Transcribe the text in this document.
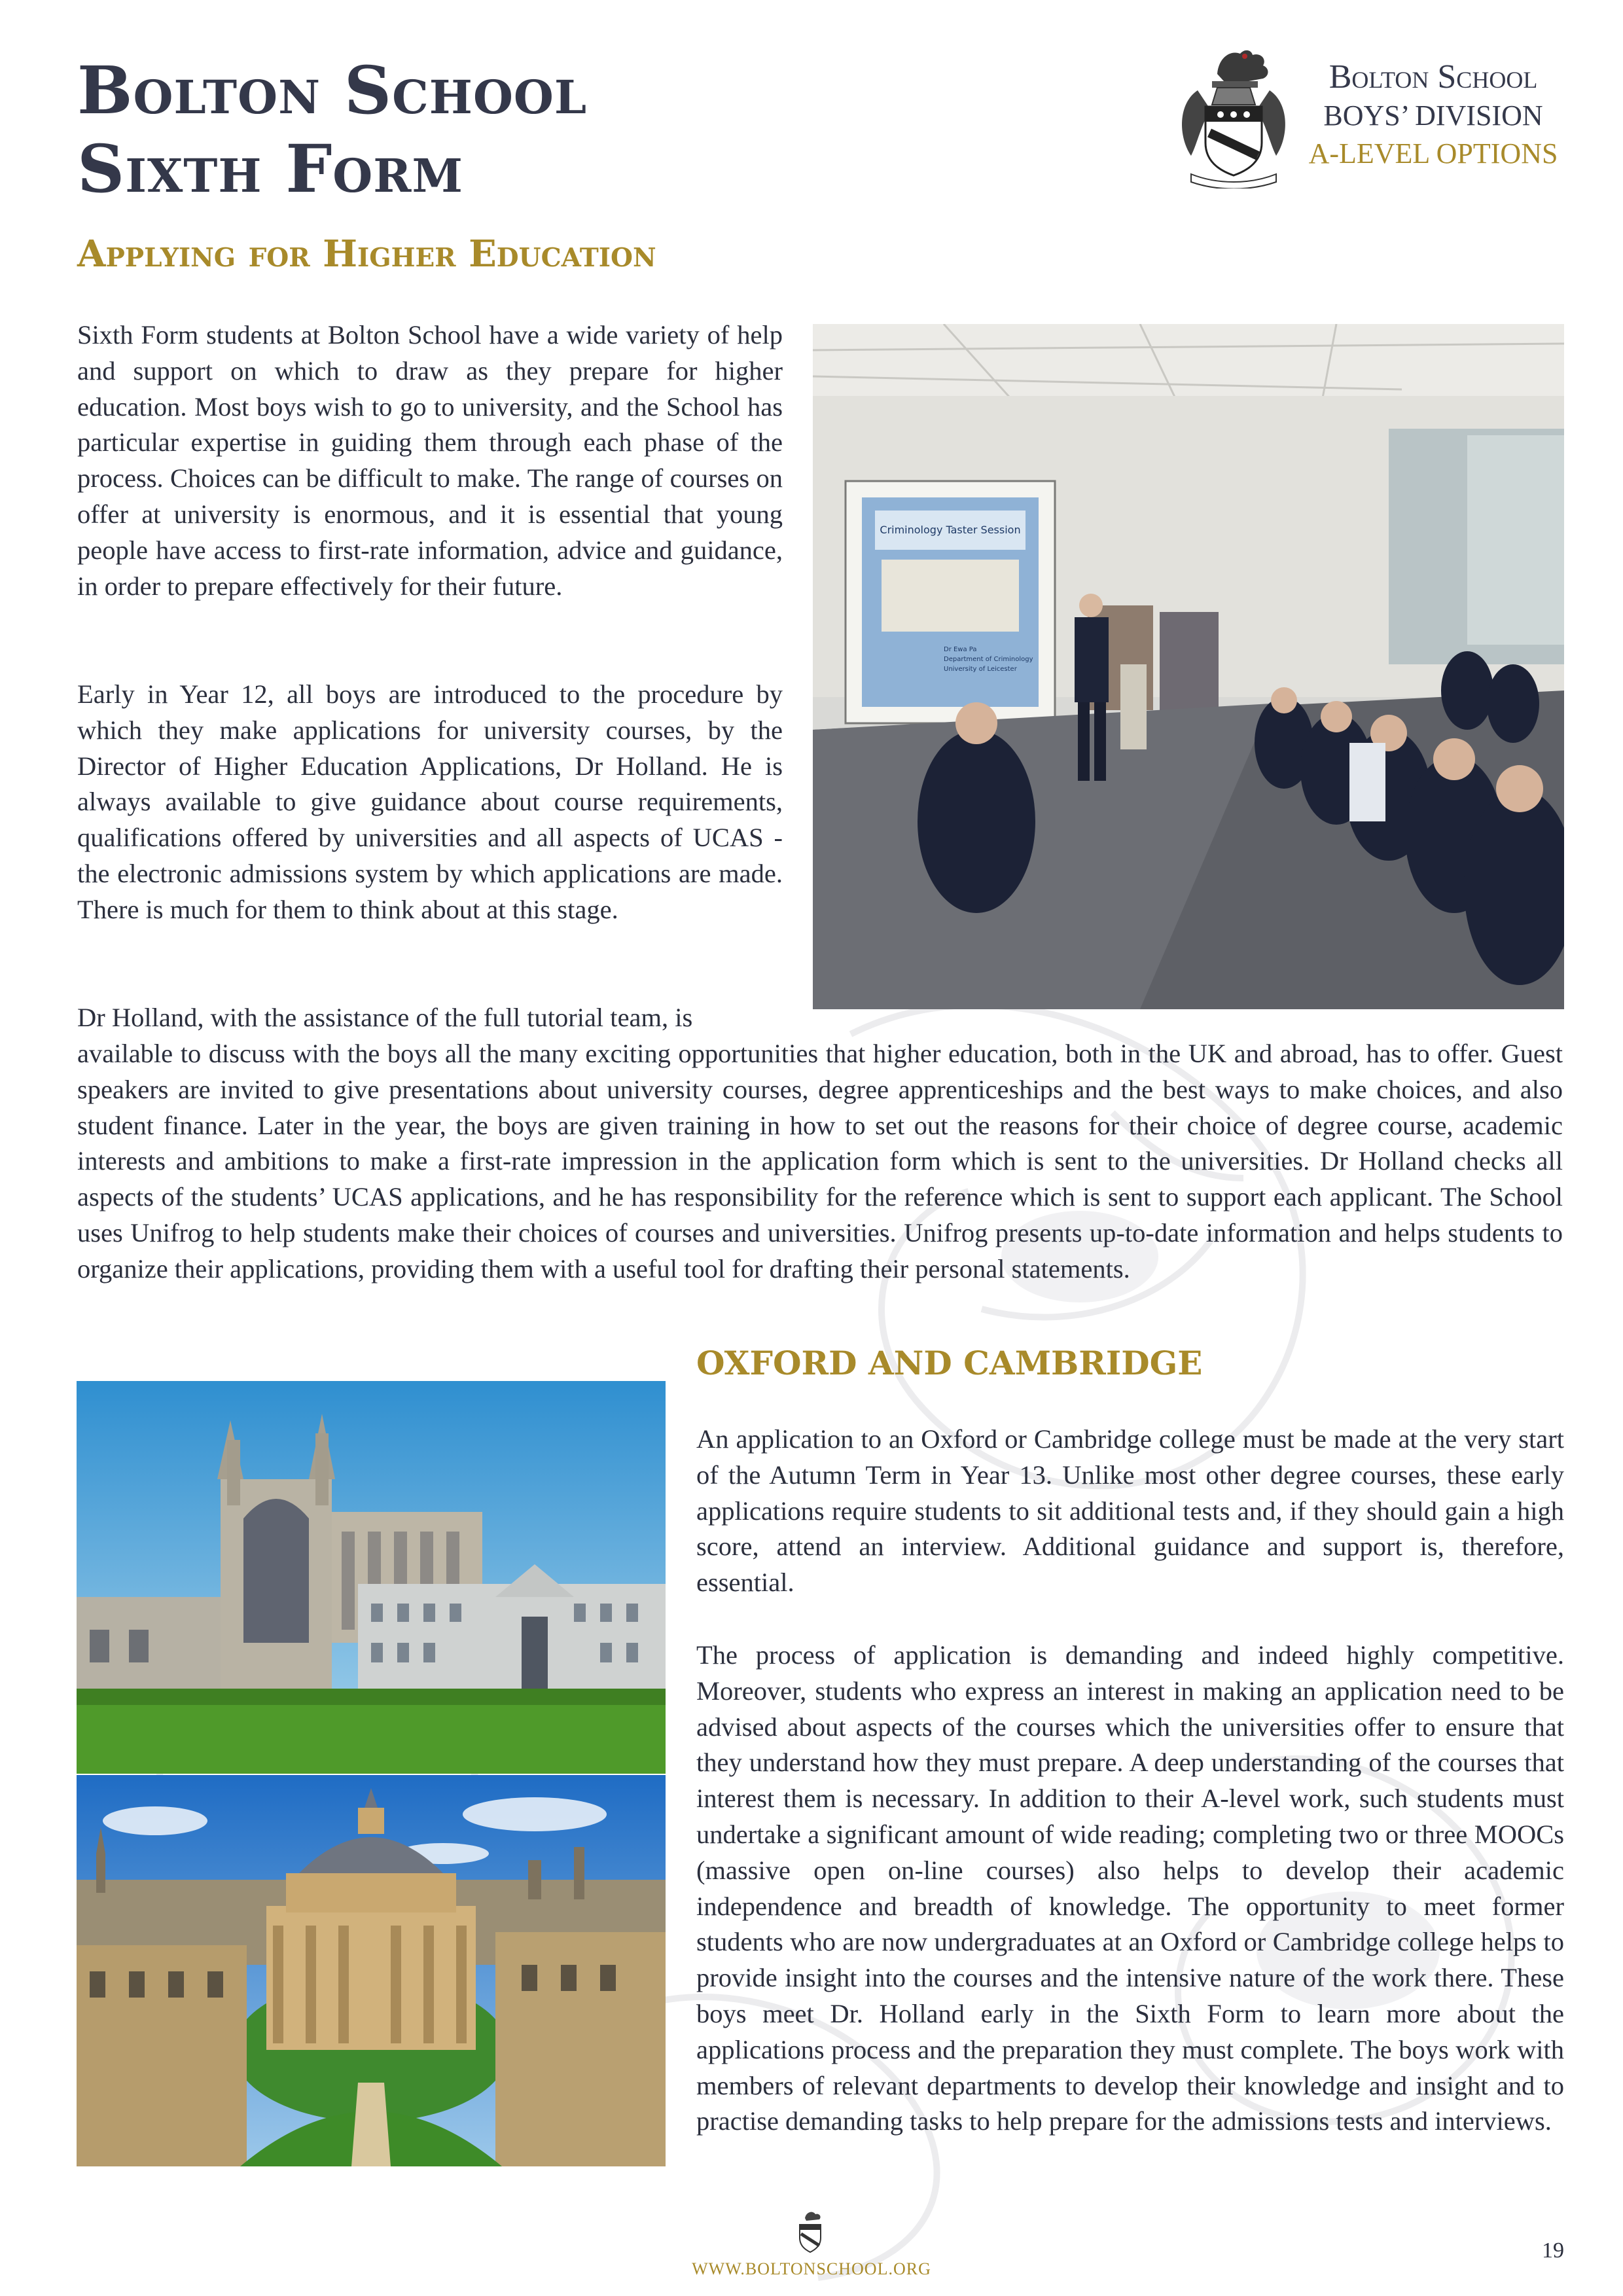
Bolton School
Sixth Form
Bolton School
BOYS’ DIVISION
A-LEVEL OPTIONS
Applying for Higher Education
Sixth Form students at Bolton School have a wide variety of help and support on which to draw as they prepare for higher education. Most boys wish to go to university, and the School has particular expertise in guiding them through each phase of the process. Choices can be difficult to make. The range of courses on offer at university is enormous, and it is essential that young people have access to first-rate information, advice and guidance, in order to prepare effectively for their future.
Early in Year 12, all boys are introduced to the procedure by which they make applications for university courses, by the Director of Higher Education Applications, Dr Holland. He is always available to give guidance about course requirements, qualifications offered by universities and all aspects of UCAS - the electronic admissions system by which applications are made. There is much for them to think about at this stage.
Dr Holland, with the assistance of the full tutorial team, is
available to discuss with the boys all the many exciting opportunities that higher education, both in the UK and abroad, has to offer. Guest speakers are invited to give presentations about university courses, degree apprenticeships and the best ways to make choices, and also student finance. Later in the year, the boys are given training in how to set out the reasons for their choice of degree course, academic interests and ambitions to make a first-rate impression in the application form which is sent to the universities. Dr Holland checks all aspects of the students’ UCAS applications, and he has responsibility for the reference which is sent to support each applicant. The School uses Unifrog to help students make their choices of courses and universities. Unifrog presents up-to-date information and helps students to organize their applications, providing them with a useful tool for drafting their personal statements.
Criminology Taster Session
Dr Ewa Pa
Department of Criminology
University of Leicester
OXFORD AND CAMBRIDGE
An application to an Oxford or Cambridge college must be made at the very start of the Autumn Term in Year 13. Unlike most other degree courses, these early applications require students to sit additional tests and, if they should gain a high score, attend an interview. Additional guidance and support is, therefore, essential.
The process of application is demanding and indeed highly competitive. Moreover, students who express an interest in making an application need to be advised about aspects of the courses which the universities offer to ensure that they understand how they must prepare. A deep understanding of the courses that interest them is necessary. In addition to their A-level work, such students must undertake a significant amount of wide reading; completing two or three MOOCs (massive open on-line courses) also helps to develop their academic independence and breadth of knowledge. The opportunity to meet former students who are now undergraduates at an Oxford or Cambridge college helps to provide insight into the courses and the intensive nature of the work there. These boys meet Dr. Holland early in the Sixth Form to learn more about the applications process and the preparation they must complete. The boys work with members of relevant departments to develop their knowledge and insight and to practise demanding tasks to help prepare for the admissions tests and interviews.
WWW.BOLTONSCHOOL.ORG
19
